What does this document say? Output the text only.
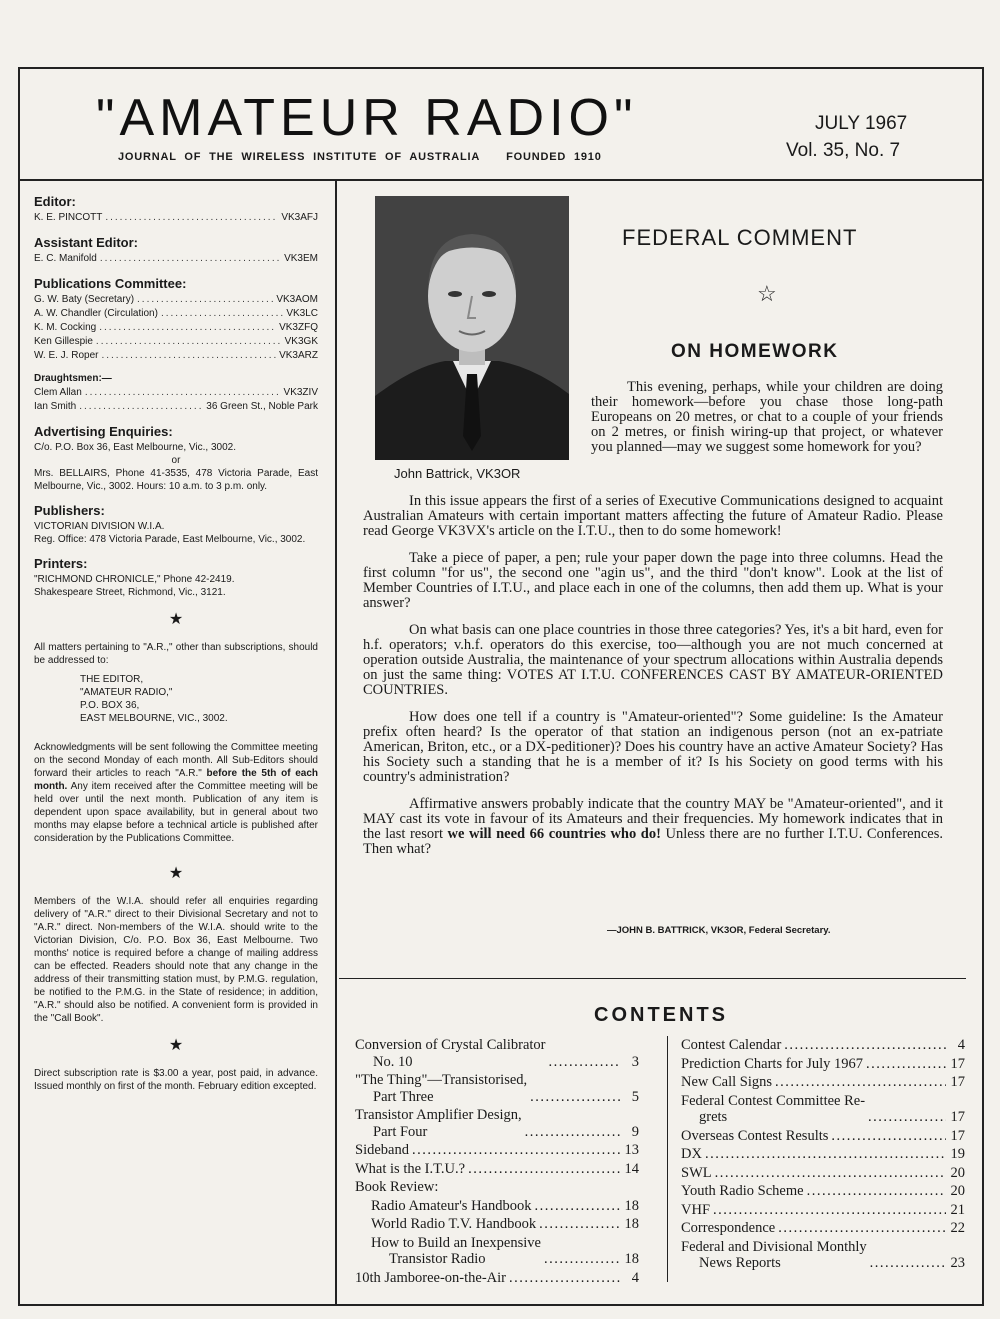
"AMATEUR RADIO"
JOURNAL OF THE WIRELESS INSTITUTE OF AUSTRALIA FOUNDED 1910
JULY 1967
Vol. 35, No. 7
Editor:
K. E. PINCOTT .....	VK3AFJ
Assistant Editor:
E. C. Manifold .....	VK3EM
Publications Committee:
G. W. Baty (Secretary) .....	VK3AOM
A. W. Chandler (Circulation) .....	VK3LC
K. M. Cocking .....	VK3ZFQ
Ken Gillespie .....	VK3GK
W. E. J. Roper .....	VK3ARZ
Draughtsmen:—
Clem Allan .....	VK3ZIV
Ian Smith .....	36 Green St., Noble Park
Advertising Enquiries:
C/o. P.O. Box 36, East Melbourne, Vic., 3002.
or
Mrs. BELLAIRS, Phone 41-3535, 478 Victoria Parade, East Melbourne, Vic., 3002. Hours: 10 a.m. to 3 p.m. only.
Publishers:
VICTORIAN DIVISION W.I.A.
Reg. Office: 478 Victoria Parade, East Melbourne, Vic., 3002.
Printers:
"RICHMOND CHRONICLE," Phone 42-2419.
Shakespeare Street, Richmond, Vic., 3121.
★
All matters pertaining to "A.R.," other than subscriptions, should be addressed to:
THE EDITOR,
"AMATEUR RADIO,"
P.O. BOX 36,
EAST MELBOURNE, VIC., 3002.
Acknowledgments will be sent following the Committee meeting on the second Monday of each month. All Sub-Editors should forward their articles to reach "A.R." before the 5th of each month. Any item received after the Committee meeting will be held over until the next month. Publication of any item is dependent upon space availability, but in general about two months may elapse before a technical article is published after consideration by the Publications Committee.
★
Members of the W.I.A. should refer all enquiries regarding delivery of "A.R." direct to their Divisional Secretary and not to "A.R." direct. Non-members of the W.I.A. should write to the Victorian Division, C/o. P.O. Box 36, East Melbourne. Two months' notice is required before a change of mailing address can be effected. Readers should note that any change in the address of their transmitting station must, by P.M.G. regulation, be notified to the P.M.G. in the State of residence; in addition, "A.R." should also be notified. A convenient form is provided in the "Call Book".
★
Direct subscription rate is $3.00 a year, post paid, in advance. Issued monthly on first of the month. February edition excepted.
John Battrick, VK3OR
FEDERAL COMMENT
☆
ON HOMEWORK

This evening, perhaps, while your children are doing their homework—before you chase those long-path Europeans on 20 metres, or chat to a couple of your friends on 2 metres, or finish wiring-up that project, or whatever you planned—may we suggest some homework for you?

In this issue appears the first of a series of Executive Communications designed to acquaint Australian Amateurs with certain important matters affecting the future of Amateur Radio. Please read George VK3VX's article on the I.T.U., then to do some homework!

Take a piece of paper, a pen; rule your paper down the page into three columns. Head the first column "for us", the second one "agin us", and the third "don't know". Look at the list of Member Countries of I.T.U., and place each in one of the columns, then add them up. What is your answer?

On what basis can one place countries in those three categories? Yes, it's a bit hard, even for h.f. operators; v.h.f. operators do this exercise, too—although you are not much concerned at operation outside Australia, the maintenance of your spectrum allocations within Australia depends on just the same thing: VOTES AT I.T.U. CONFERENCES CAST BY AMATEUR-ORIENTED COUNTRIES.

How does one tell if a country is "Amateur-oriented"? Some guideline: Is the Amateur prefix often heard? Is the operator of that station an indigenous person (not an ex-patriate American, Briton, etc., or a DX-peditioner)? Does his country have an active Amateur Society? Has his Society such a standing that he is a member of it? Is his Society on good terms with his country's administration?

Affirmative answers probably indicate that the country MAY be "Amateur-oriented", and it MAY cast its vote in favour of its Amateurs and their frequencies. My homework indicates that in the last resort we will need 66 countries who do! Unless there are no further I.T.U. Conferences. Then what?

—JOHN B. BATTRICK, VK3OR, Federal Secretary.
CONTENTS
Conversion of Crystal Calibrator
No. 10 .....	3
"The Thing"—Transistorised,
Part Three .....	5
Transistor Amplifier Design,
Part Four .....	9
Sideband .....	13
What is the I.T.U.? .....	14
Book Review:
Radio Amateur's Handbook .....	18
World Radio T.V. Handbook .....	18
How to Build an Inexpensive
Transistor Radio .....	18
10th Jamboree-on-the-Air .....	4
Contest Calendar .....	4
Prediction Charts for July 1967 .....	17
New Call Signs .....	17
Federal Contest Committee Re-
grets .....	17
Overseas Contest Results .....	17
DX .....	19
SWL .....	20
Youth Radio Scheme .....	20
VHF .....	21
Correspondence .....	22
Federal and Divisional Monthly
News Reports .....	23
